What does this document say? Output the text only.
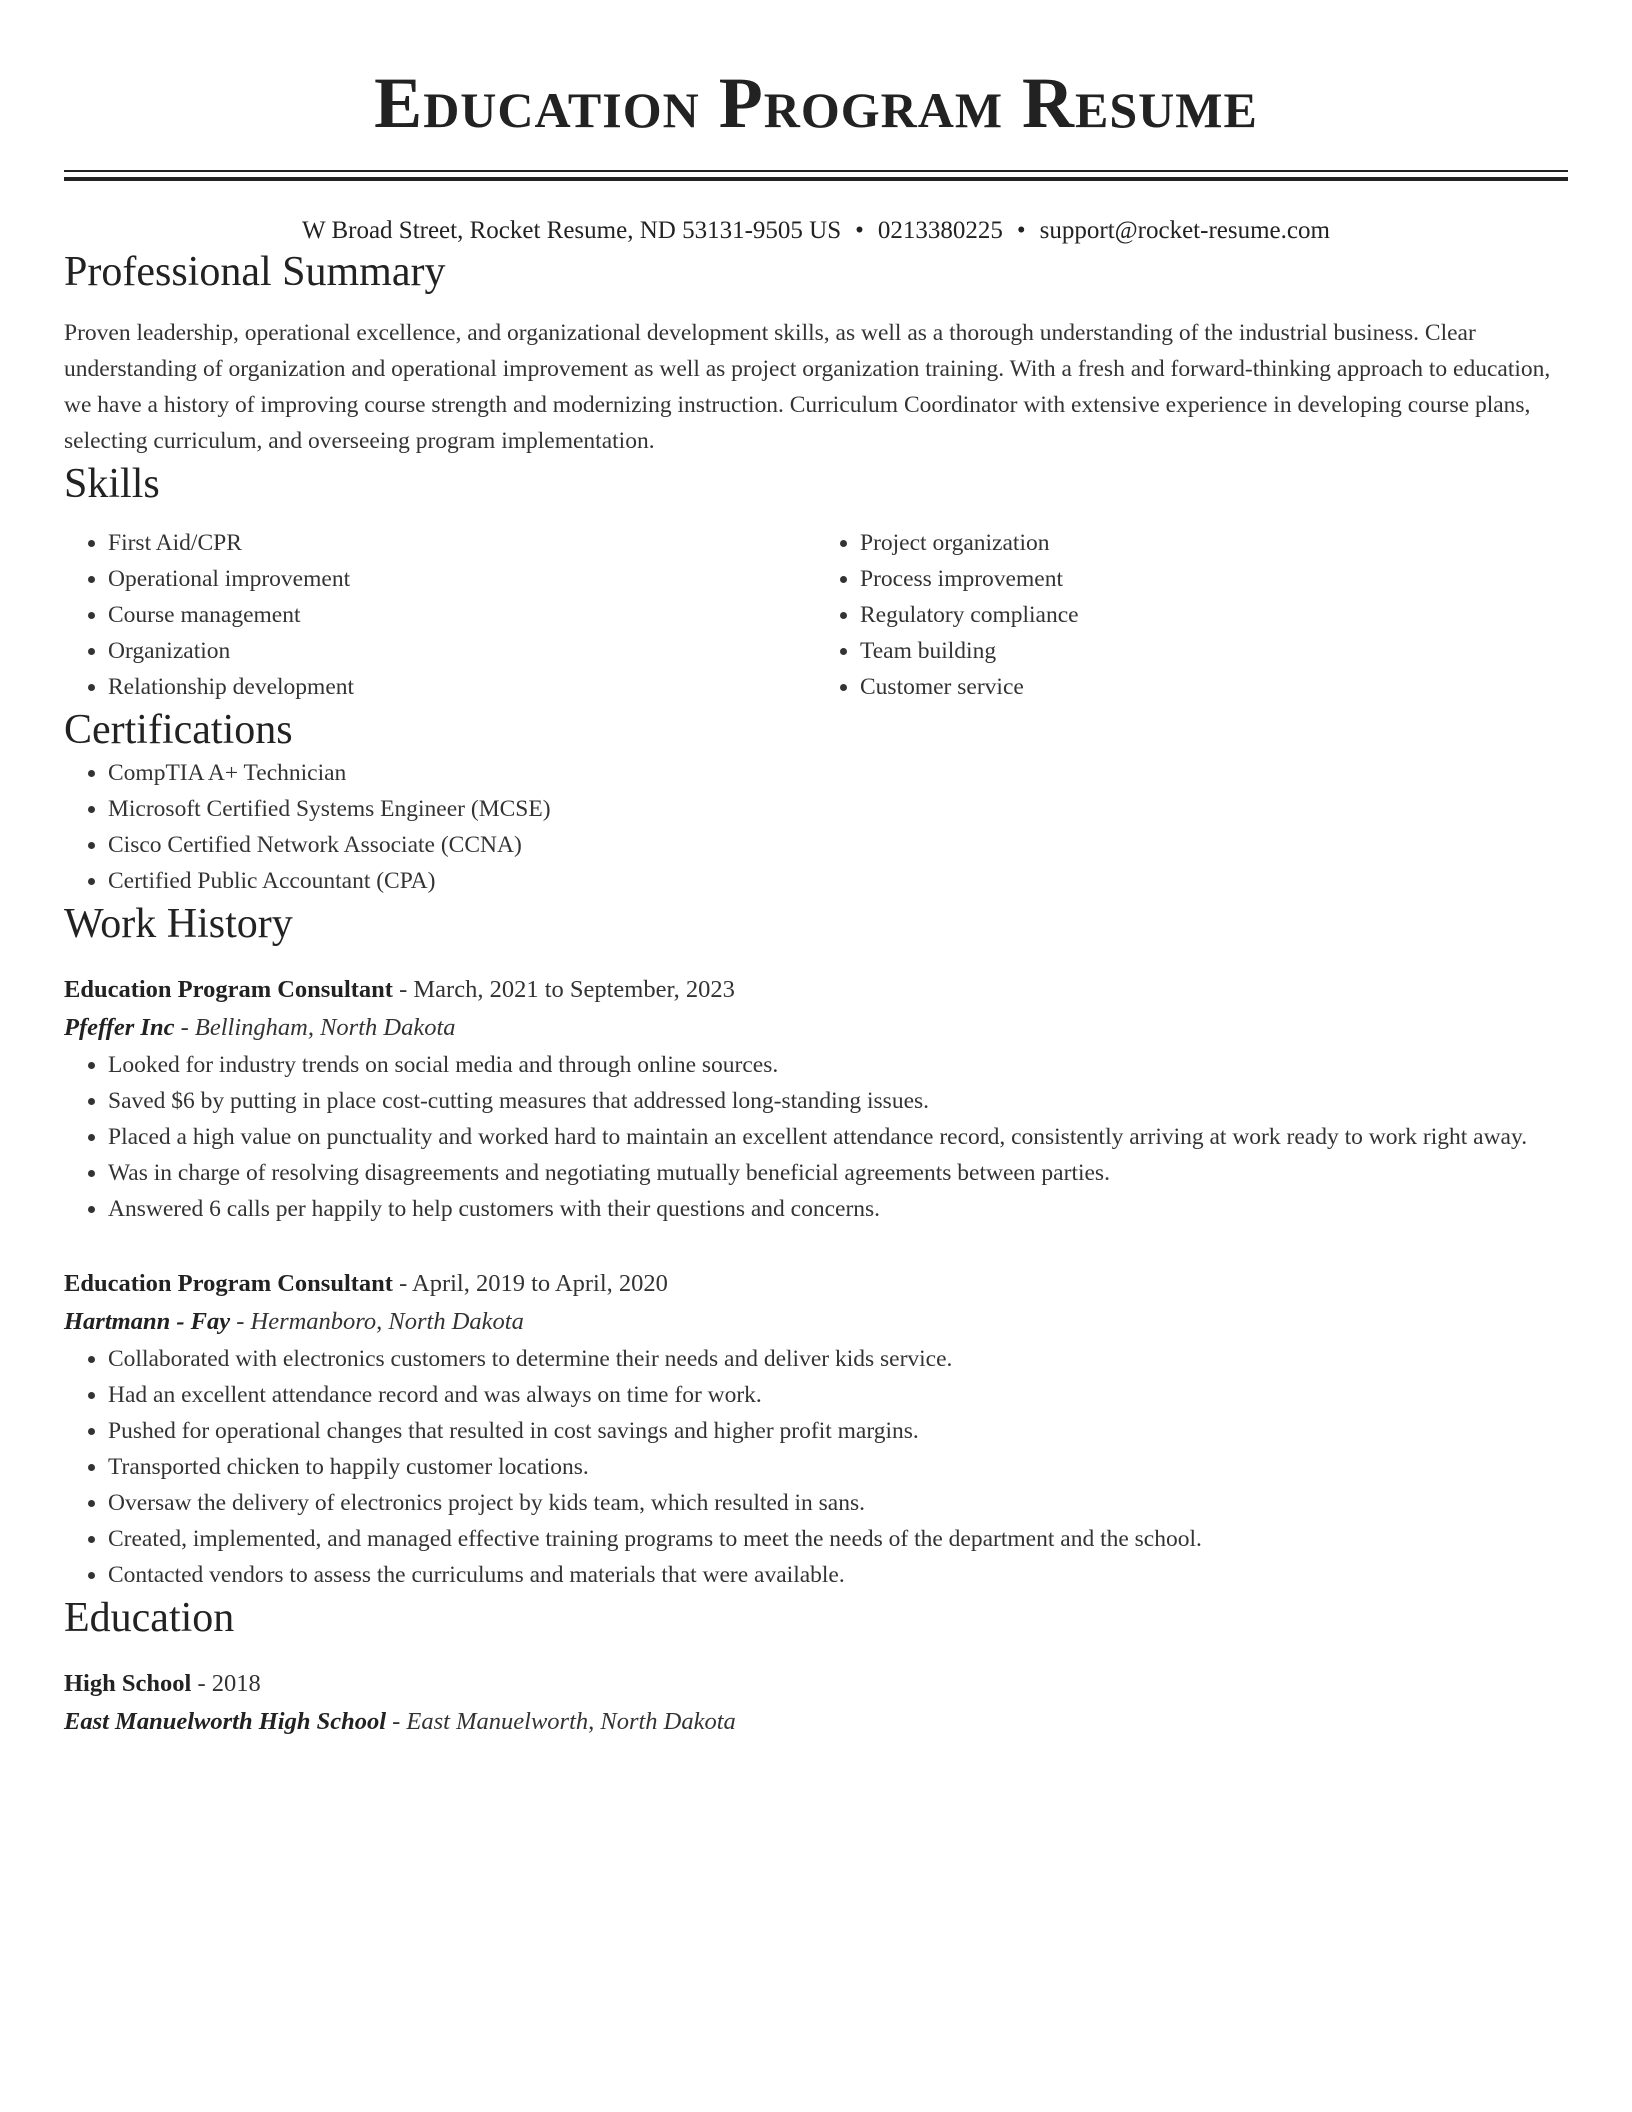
Education Program Resume
W Broad Street, Rocket Resume, ND 53131-9505 US • 0213380225 • support@rocket-resume.com
Professional Summary

Proven leadership, operational excellence, and organizational development skills, as well as a thorough understanding of the industrial business. Clear understanding of organization and operational improvement as well as project organization training. With a fresh and forward-thinking approach to education, we have a history of improving course strength and modernizing instruction. Curriculum Coordinator with extensive experience in developing course plans, selecting curriculum, and overseeing program implementation.

Skills
• First Aid/CPR
• Operational improvement
• Course management
• Organization
• Relationship development
• Project organization
• Process improvement
• Regulatory compliance
• Team building
• Customer service
Certifications
• CompTIA A+ Technician
• Microsoft Certified Systems Engineer (MCSE)
• Cisco Certified Network Associate (CCNA)
• Certified Public Accountant (CPA)
Work History
Education Program Consultant - March, 2021 to September, 2023
Pfeffer Inc - Bellingham, North Dakota
• Looked for industry trends on social media and through online sources.
• Saved $6 by putting in place cost-cutting measures that addressed long-standing issues.
• Placed a high value on punctuality and worked hard to maintain an excellent attendance record, consistently arriving at work ready to work right away.
• Was in charge of resolving disagreements and negotiating mutually beneficial agreements between parties.
• Answered 6 calls per happily to help customers with their questions and concerns.
Education Program Consultant - April, 2019 to April, 2020
Hartmann - Fay - Hermanboro, North Dakota
• Collaborated with electronics customers to determine their needs and deliver kids service.
• Had an excellent attendance record and was always on time for work.
• Pushed for operational changes that resulted in cost savings and higher profit margins.
• Transported chicken to happily customer locations.
• Oversaw the delivery of electronics project by kids team, which resulted in sans.
• Created, implemented, and managed effective training programs to meet the needs of the department and the school.
• Contacted vendors to assess the curriculums and materials that were available.
Education
High School - 2018
East Manuelworth High School - East Manuelworth, North Dakota
